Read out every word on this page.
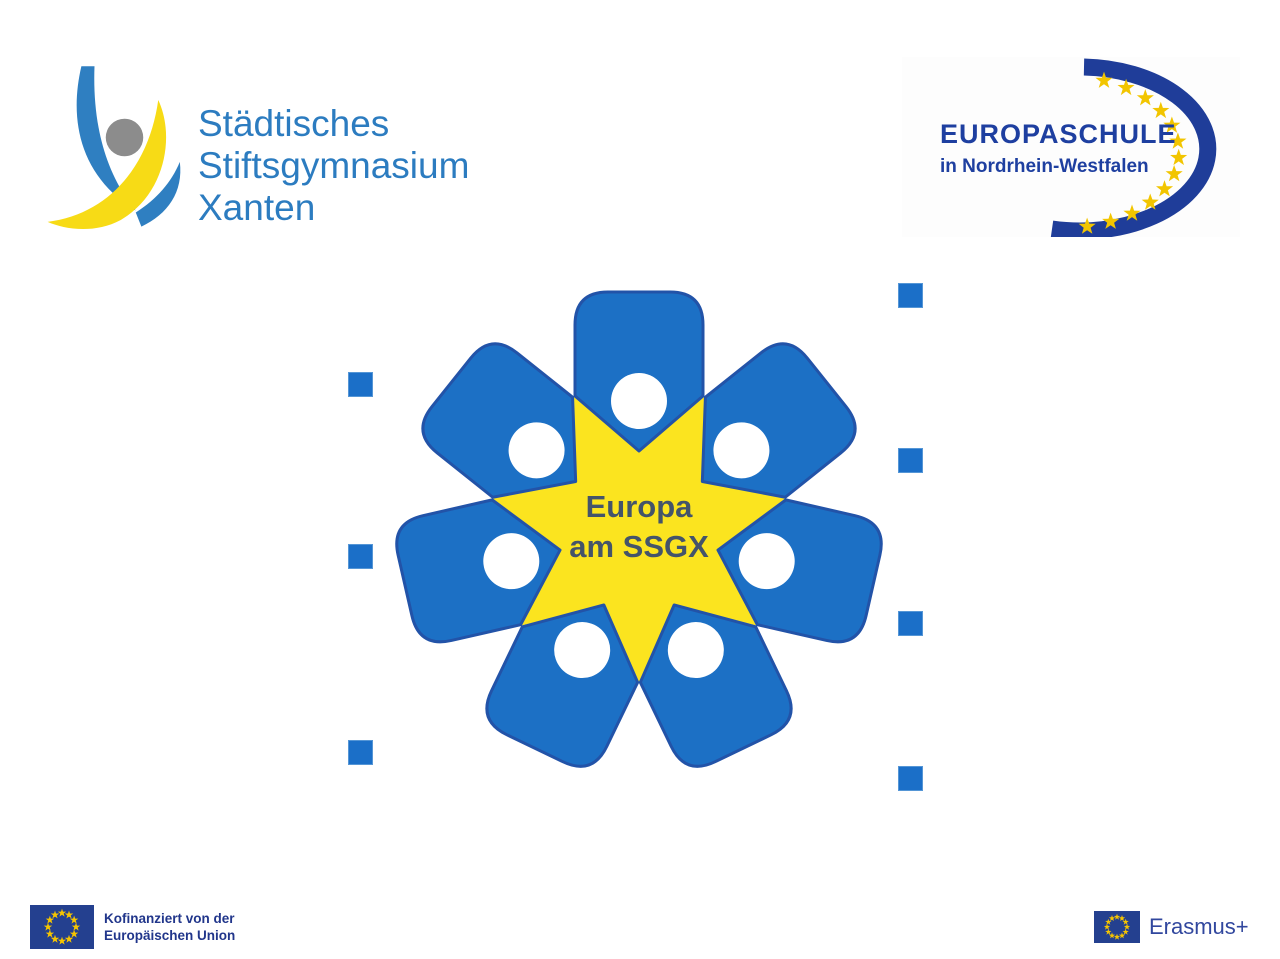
Städtisches
Stiftsgymnasium
Xanten
EUROPASCHULE
in Nordrhein-Westfalen
Europa
am SSGX
Kofinanziert von der
Europäischen Union	Erasmus+
